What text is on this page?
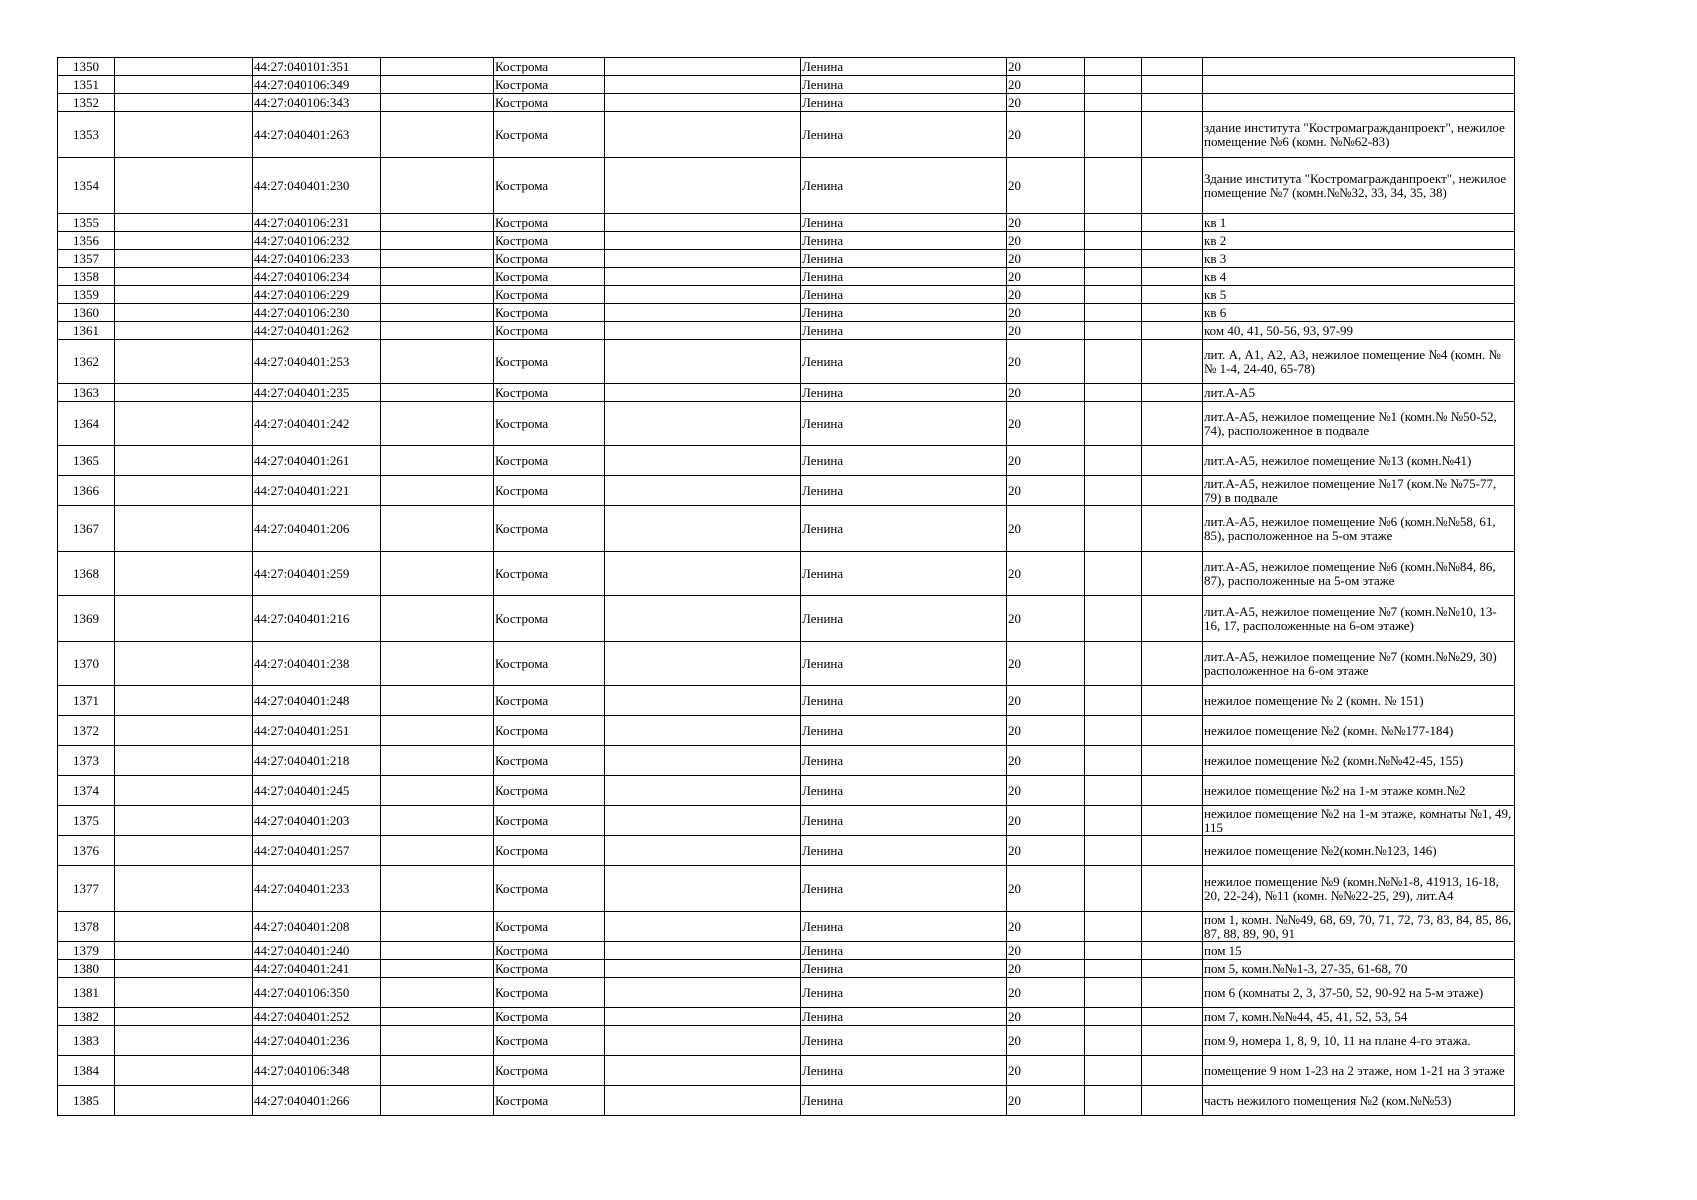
1350		44:27:040101:351		Кострома		Ленина	20			
1351		44:27:040106:349		Кострома		Ленина	20			
1352		44:27:040106:343		Кострома		Ленина	20			
1353		44:27:040401:263		Кострома		Ленина	20			здание института "Костромагражданпроект", нежилое помещение №6 (комн. №№62-83)
1354		44:27:040401:230		Кострома		Ленина	20			Здание института "Костромагражданпроект", нежилое помещение №7 (комн.№№32, 33, 34, 35, 38)
1355		44:27:040106:231		Кострома		Ленина	20			кв 1
1356		44:27:040106:232		Кострома		Ленина	20			кв 2
1357		44:27:040106:233		Кострома		Ленина	20			кв 3
1358		44:27:040106:234		Кострома		Ленина	20			кв 4
1359		44:27:040106:229		Кострома		Ленина	20			кв 5
1360		44:27:040106:230		Кострома		Ленина	20			кв 6
1361		44:27:040401:262		Кострома		Ленина	20			ком 40, 41, 50-56, 93, 97-99
1362		44:27:040401:253		Кострома		Ленина	20			лит. А, А1, А2, А3, нежилое помещение №4 (комн. №№ 1-4, 24-40, 65-78)
1363		44:27:040401:235		Кострома		Ленина	20			лит.А-А5
1364		44:27:040401:242		Кострома		Ленина	20			лит.А-А5, нежилое помещение №1 (комн.№ №50-52, 74), расположенное в подвале
1365		44:27:040401:261		Кострома		Ленина	20			лит.А-А5, нежилое помещение №13 (комн.№41)
1366		44:27:040401:221		Кострома		Ленина	20			лит.А-А5, нежилое помещение №17 (ком.№ №75-77, 79) в подвале
1367		44:27:040401:206		Кострома		Ленина	20			лит.А-А5, нежилое помещение №6 (комн.№№58, 61, 85), расположенное на 5-ом этаже
1368		44:27:040401:259		Кострома		Ленина	20			лит.А-А5, нежилое помещение №6 (комн.№№84, 86, 87), расположенные на 5-ом этаже
1369		44:27:040401:216		Кострома		Ленина	20			лит.А-А5, нежилое помещение №7 (комн.№№10, 13-16, 17, расположенные на 6-ом этаже)
1370		44:27:040401:238		Кострома		Ленина	20			лит.А-А5, нежилое помещение №7 (комн.№№29, 30) расположенное на 6-ом этаже
1371		44:27:040401:248		Кострома		Ленина	20			нежилое помещение № 2 (комн. № 151)
1372		44:27:040401:251		Кострома		Ленина	20			нежилое помещение №2 (комн. №№177-184)
1373		44:27:040401:218		Кострома		Ленина	20			нежилое помещение №2 (комн.№№42-45, 155)
1374		44:27:040401:245		Кострома		Ленина	20			нежилое помещение №2 на 1-м этаже комн.№2
1375		44:27:040401:203		Кострома		Ленина	20			нежилое помещение №2 на 1-м этаже, комнаты №1, 49, 115
1376		44:27:040401:257		Кострома		Ленина	20			нежилое помещение №2(комн.№123, 146)
1377		44:27:040401:233		Кострома		Ленина	20			нежилое помещение №9 (комн.№№1-8, 41913, 16-18, 20, 22-24), №11 (комн. №№22-25, 29), лит.А4
1378		44:27:040401:208		Кострома		Ленина	20			пом 1, комн. №№49, 68, 69, 70, 71, 72, 73, 83, 84, 85, 86, 87, 88, 89, 90, 91
1379		44:27:040401:240		Кострома		Ленина	20			пом 15
1380		44:27:040401:241		Кострома		Ленина	20			пом 5, комн.№№1-3, 27-35, 61-68, 70
1381		44:27:040106:350		Кострома		Ленина	20			пом 6 (комнаты 2, 3, 37-50, 52, 90-92 на 5-м этаже)
1382		44:27:040401:252		Кострома		Ленина	20			пом 7, комн.№№44, 45, 41, 52, 53, 54
1383		44:27:040401:236		Кострома		Ленина	20			пом 9, номера 1, 8, 9, 10, 11 на плане 4-го этажа.
1384		44:27:040106:348		Кострома		Ленина	20			помещение 9 ном 1-23 на 2 этаже, ном 1-21 на 3 этаже
1385		44:27:040401:266		Кострома		Ленина	20			часть нежилого помещения №2 (ком.№№53)
